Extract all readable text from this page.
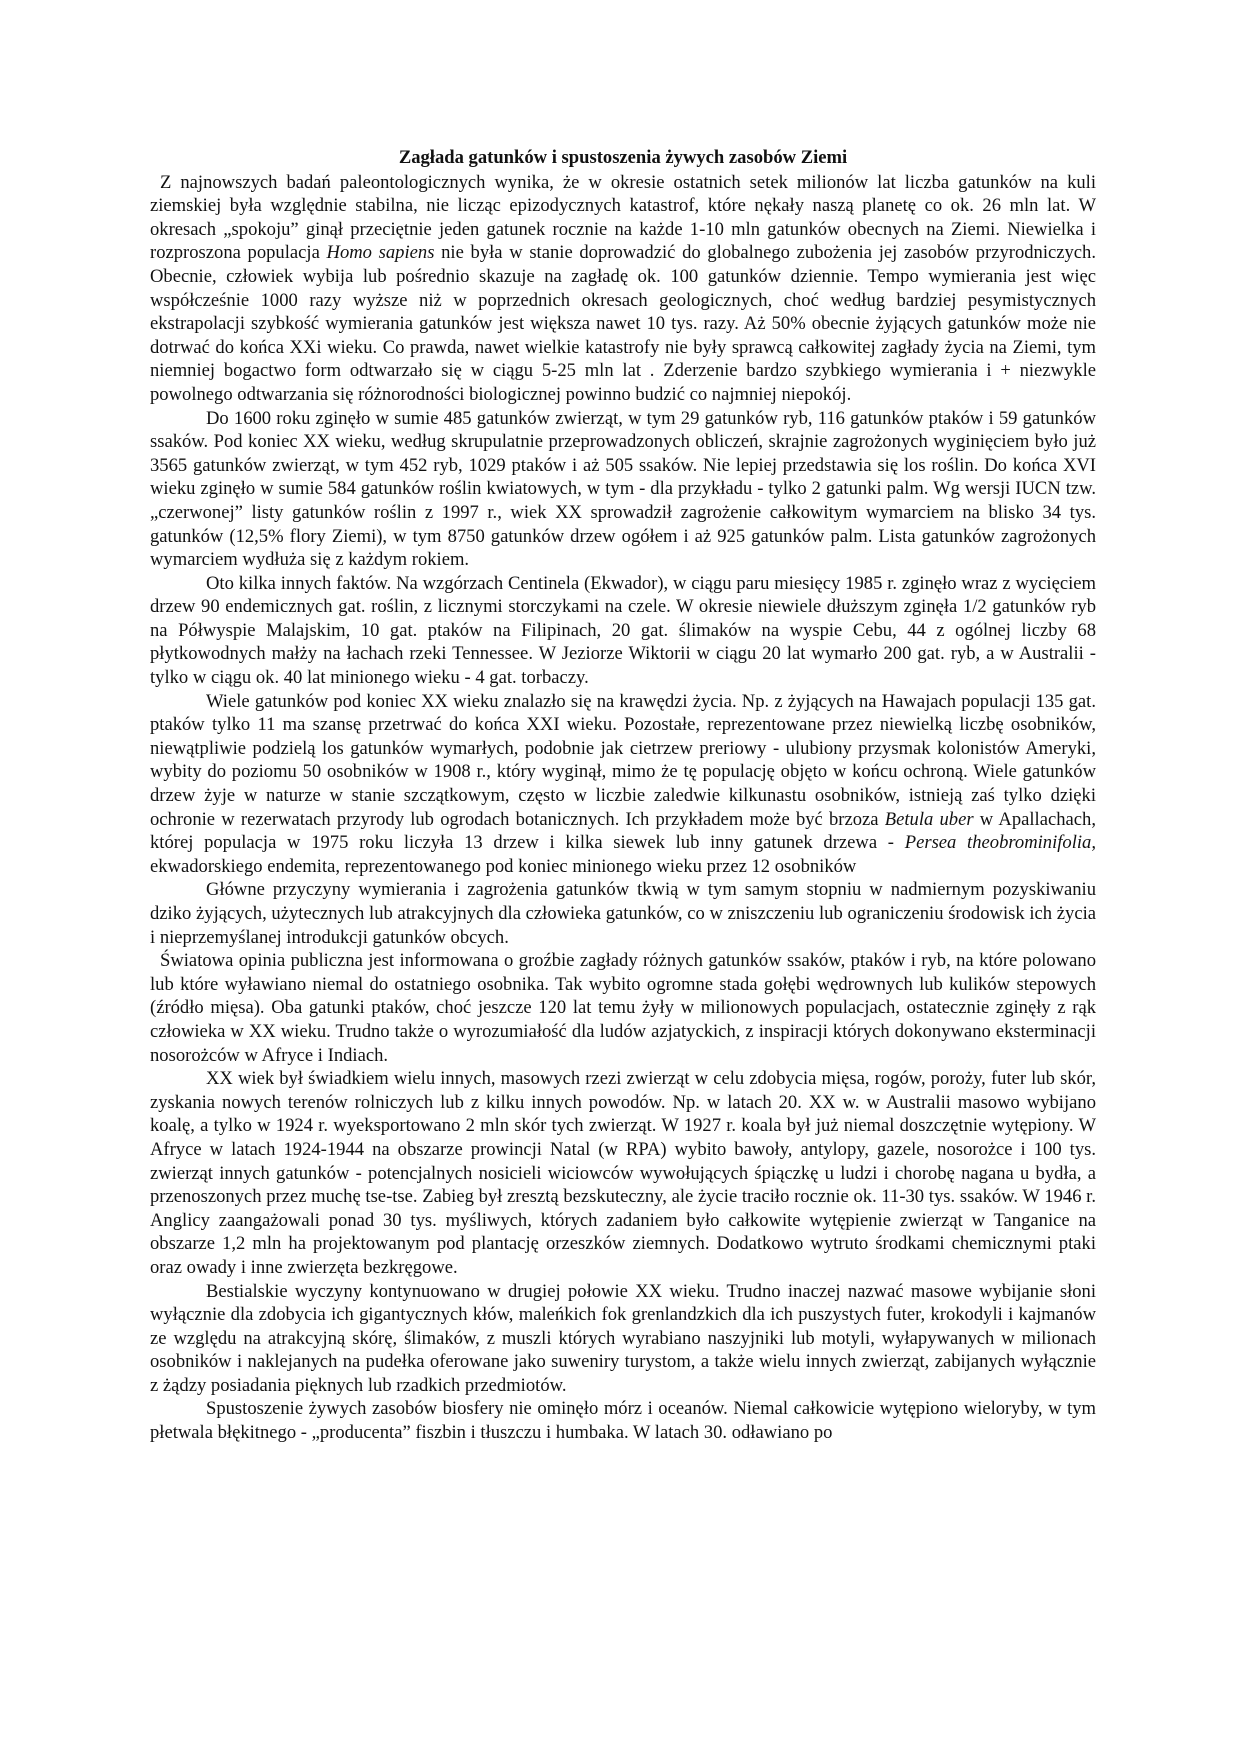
Zagłada gatunków i spustoszenia żywych zasobów Ziemi

Z najnowszych badań paleontologicznych wynika, że w okresie ostatnich setek milionów lat liczba gatunków na kuli ziemskiej była względnie stabilna, nie licząc epizodycznych katastrof, które nękały naszą planetę co ok. 26 mln lat. W okresach „spokoju” ginął przeciętnie jeden gatunek rocznie na każde 1-10 mln gatunków obecnych na Ziemi. Niewielka i rozproszona populacja Homo sapiens nie była w stanie doprowadzić do globalnego zubożenia jej zasobów przyrodniczych. Obecnie, człowiek wybija lub pośrednio skazuje na zagładę ok. 100 gatunków dziennie. Tempo wymierania jest więc współcześnie 1000 razy wyższe niż w poprzednich okresach geologicznych, choć według bardziej pesymistycznych ekstrapolacji szybkość wymierania gatunków jest większa nawet 10 tys. razy. Aż 50% obecnie żyjących gatunków może nie dotrwać do końca XXi wieku. Co prawda, nawet wielkie katastrofy nie były sprawcą całkowitej zagłady życia na Ziemi, tym niemniej bogactwo form odtwarzało się w ciągu 5-25 mln lat . Zderzenie bardzo szybkiego wymierania i + niezwykle powolnego odtwarzania się różnorodności biologicznej powinno budzić co najmniej niepokój.

Do 1600 roku zginęło w sumie 485 gatunków zwierząt, w tym 29 gatunków ryb, 116 gatunków ptaków i 59 gatunków ssaków. Pod koniec XX wieku, według skrupulatnie przeprowadzonych obliczeń, skrajnie zagrożonych wyginięciem było już 3565 gatunków zwierząt, w tym 452 ryb, 1029 ptaków i aż 505 ssaków. Nie lepiej przedstawia się los roślin. Do końca XVI wieku zginęło w sumie 584 gatunków roślin kwiatowych, w tym - dla przykładu - tylko 2 gatunki palm. Wg wersji IUCN tzw. „czerwonej” listy gatunków roślin z 1997 r., wiek XX sprowadził zagrożenie całkowitym wymarciem na blisko 34 tys. gatunków (12,5% flory Ziemi), w tym 8750 gatunków drzew ogółem i aż 925 gatunków palm. Lista gatunków zagrożonych wymarciem wydłuża się z każdym rokiem.

Oto kilka innych faktów. Na wzgórzach Centinela (Ekwador), w ciągu paru miesięcy 1985 r. zginęło wraz z wycięciem drzew 90 endemicznych gat. roślin, z licznymi storczykami na czele. W okresie niewiele dłuższym zginęła 1/2 gatunków ryb na Półwyspie Malajskim, 10 gat. ptaków na Filipinach, 20 gat. ślimaków na wyspie Cebu, 44 z ogólnej liczby 68 płytkowodnych małży na łachach rzeki Tennessee. W Jeziorze Wiktorii w ciągu 20 lat wymarło 200 gat. ryb, a w Australii - tylko w ciągu ok. 40 lat minionego wieku - 4 gat. torbaczy.

Wiele gatunków pod koniec XX wieku znalazło się na krawędzi życia. Np. z żyjących na Hawajach populacji 135 gat. ptaków tylko 11 ma szansę przetrwać do końca XXI wieku. Pozostałe, reprezentowane przez niewielką liczbę osobników, niewątpliwie podzielą los gatunków wymarłych, podobnie jak cietrzew preriowy - ulubiony przysmak kolonistów Ameryki, wybity do poziomu 50 osobników w 1908 r., który wyginął, mimo że tę populację objęto w końcu ochroną. Wiele gatunków drzew żyje w naturze w stanie szczątkowym, często w liczbie zaledwie kilkunastu osobników, istnieją zaś tylko dzięki ochronie w rezerwatach przyrody lub ogrodach botanicznych. Ich przykładem może być brzoza Betula uber w Apallachach, której populacja w 1975 roku liczyła 13 drzew i kilka siewek lub inny gatunek drzewa - Persea theobrominifolia, ekwadorskiego endemita, reprezentowanego pod koniec minionego wieku przez 12 osobników

Główne przyczyny wymierania i zagrożenia gatunków tkwią w tym samym stopniu w nadmiernym pozyskiwaniu dziko żyjących, użytecznych lub atrakcyjnych dla człowieka gatunków, co w zniszczeniu lub ograniczeniu środowisk ich życia i nieprzemyślanej introdukcji gatunków obcych.

Światowa opinia publiczna jest informowana o groźbie zagłady różnych gatunków ssaków, ptaków i ryb, na które polowano lub które wyławiano niemal do ostatniego osobnika. Tak wybito ogromne stada gołębi wędrownych lub kulików stepowych (źródło mięsa). Oba gatunki ptaków, choć jeszcze 120 lat temu żyły w milionowych populacjach, ostatecznie zginęły z rąk człowieka w XX wieku. Trudno także o wyrozumiałość dla ludów azjatyckich, z inspiracji których dokonywano eksterminacji nosorożców w Afryce i Indiach.

XX wiek był świadkiem wielu innych, masowych rzezi zwierząt w celu zdobycia mięsa, rogów, poroży, futer lub skór, zyskania nowych terenów rolniczych lub z kilku innych powodów. Np. w latach 20. XX w. w Australii masowo wybijano koalę, a tylko w 1924 r. wyeksportowano 2 mln skór tych zwierząt. W 1927 r. koala był już niemal doszczętnie wytępiony. W Afryce w latach 1924-1944 na obszarze prowincji Natal (w RPA) wybito bawoły, antylopy, gazele, nosorożce i 100 tys. zwierząt innych gatunków - potencjalnych nosicieli wiciowców wywołujących śpiączkę u ludzi i chorobę nagana u bydła, a przenoszonych przez muchę tse-tse. Zabieg był zresztą bezskuteczny, ale życie traciło rocznie ok. 11-30 tys. ssaków. W 1946 r. Anglicy zaangażowali ponad 30 tys. myśliwych, których zadaniem było całkowite wytępienie zwierząt w Tanganice na obszarze 1,2 mln ha projektowanym pod plantację orzeszków ziemnych. Dodatkowo wytruto środkami chemicznymi ptaki oraz owady i inne zwierzęta bezkręgowe.

Bestialskie wyczyny kontynuowano w drugiej połowie XX wieku. Trudno inaczej nazwać masowe wybijanie słoni wyłącznie dla zdobycia ich gigantycznych kłów, maleńkich fok grenlandzkich dla ich puszystych futer, krokodyli i kajmanów ze względu na atrakcyjną skórę, ślimaków, z muszli których wyrabiano naszyjniki lub motyli, wyłapywanych w milionach osobników i naklejanych na pudełka oferowane jako suweniry turystom, a także wielu innych zwierząt, zabijanych wyłącznie z żądzy posiadania pięknych lub rzadkich przedmiotów.

Spustoszenie żywych zasobów biosfery nie ominęło mórz i oceanów. Niemal całkowicie wytępiono wieloryby, w tym płetwala błękitnego - „producenta” fiszbin i tłuszczu i humbaka. W latach 30. odławiano po
